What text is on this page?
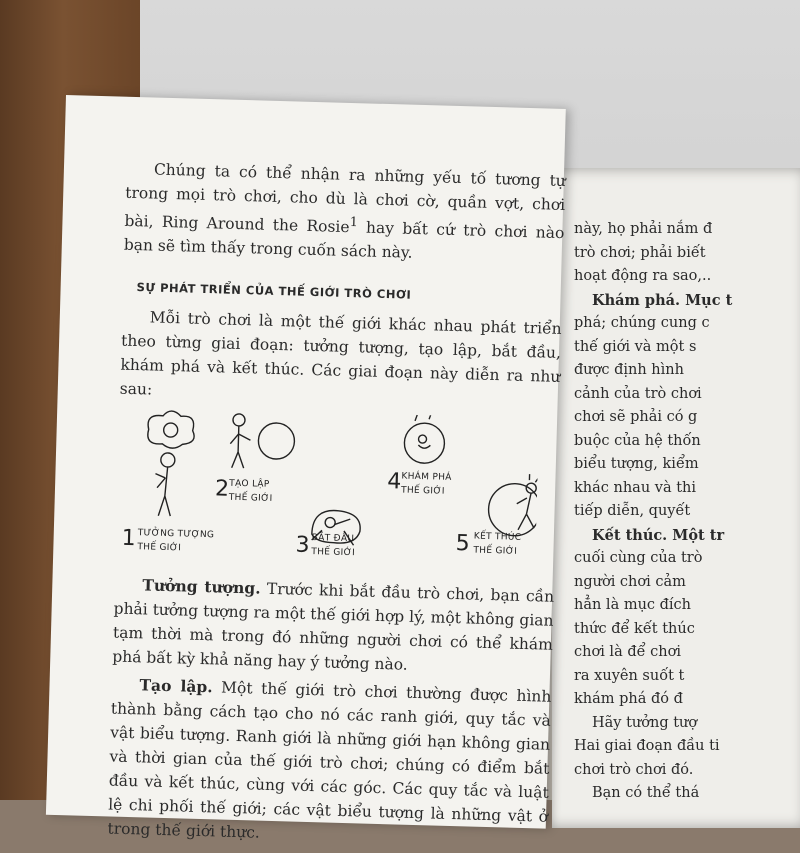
này, họ phải nắm đ

trò chơi; phải biết

hoạt động ra sao,..

Khám phá. Mục t

phá; chúng cung c

thế giới và một s

được định hình

cảnh của trò chơi

chơi sẽ phải có g

buộc của hệ thốn

biểu tượng, kiểm

khác nhau và thi

tiếp diễn, quyết

Kết thúc. Một tr

cuối cùng của trò

người chơi cảm

hẳn là mục đích

thức để kết thúc

chơi là để chơi

ra xuyên suốt t

khám phá đó đ

Hãy tưởng tượ

Hai giai đoạn đầu ti

chơi trò chơi đó.

Bạn có thể thá

Chúng ta có thể nhận ra những yếu tố tương tự trong mọi trò chơi, cho dù là chơi cờ, quần vợt, chơi bài, Ring Around the Rosie$^1$ hay bất cứ trò chơi nào bạn sẽ tìm thấy trong cuốn sách này.

SỰ PHÁT TRIỂN CỦA THẾ GIỚI TRÒ CHƠI

Mỗi trò chơi là một thế giới khác nhau phát triển theo từng giai đoạn: tưởng tượng, tạo lập, bắt đầu, khám phá và kết thúc. Các giai đoạn này diễn ra như sau:

1 TƯỞNG TƯỢNG
THẾ GIỚI
2 TẠO LẬP
THẾ GIỚI
3 BẮT ĐẦU
THẾ GIỚI
4 KHÁM PHÁ
THẾ GIỚI
5 KẾT THÚC
THẾ GIỚI

Tưởng tượng. Trước khi bắt đầu trò chơi, bạn cần phải tưởng tượng ra một thế giới hợp lý, một không gian tạm thời mà trong đó những người chơi có thể khám phá bất kỳ khả năng hay ý tưởng nào.

Tạo lập. Một thế giới trò chơi thường được hình thành bằng cách tạo cho nó các ranh giới, quy tắc và vật biểu tượng. Ranh giới là những giới hạn không gian và thời gian của thế giới trò chơi; chúng có điểm bắt đầu và kết thúc, cùng với các góc. Các quy tắc và luật lệ chi phối thế giới; các vật biểu tượng là những vật ở trong thế giới thực.
